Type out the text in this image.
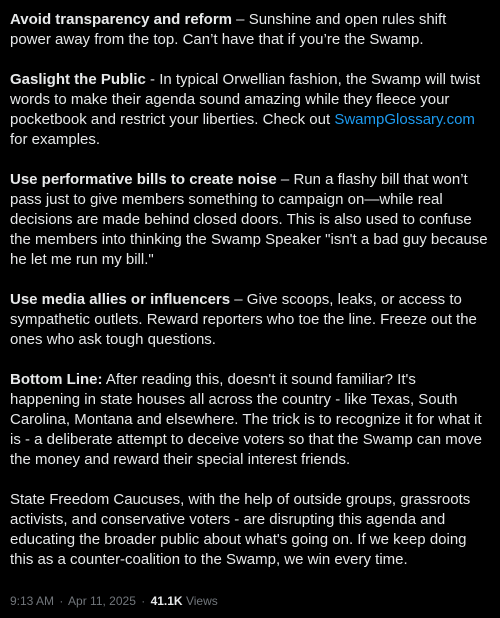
Avoid transparency and reform – Sunshine and open rules shift power away from the top. Can’t have that if you’re the Swamp.

Gaslight the Public - In typical Orwellian fashion, the Swamp will twist words to make their agenda sound amazing while they fleece your pocketbook and restrict your liberties. Check out SwampGlossary.com for examples.

Use performative bills to create noise – Run a flashy bill that won’t pass just to give members something to campaign on—while real decisions are made behind closed doors. This is also used to confuse the members into thinking the Swamp Speaker "isn't a bad guy because he let me run my bill."

Use media allies or influencers – Give scoops, leaks, or access to sympathetic outlets. Reward reporters who toe the line. Freeze out the ones who ask tough questions.

Bottom Line: After reading this, doesn't it sound familiar? It's happening in state houses all across the country - like Texas, South Carolina, Montana and elsewhere. The trick is to recognize it for what it is - a deliberate attempt to deceive voters so that the Swamp can move the money and reward their special interest friends.

State Freedom Caucuses, with the help of outside groups, grassroots activists, and conservative voters - are disrupting this agenda and educating the broader public about what's going on. If we keep doing this as a counter-coalition to the Swamp, we win every time.

9:13 AM · Apr 11, 2025 · 41.1K Views
